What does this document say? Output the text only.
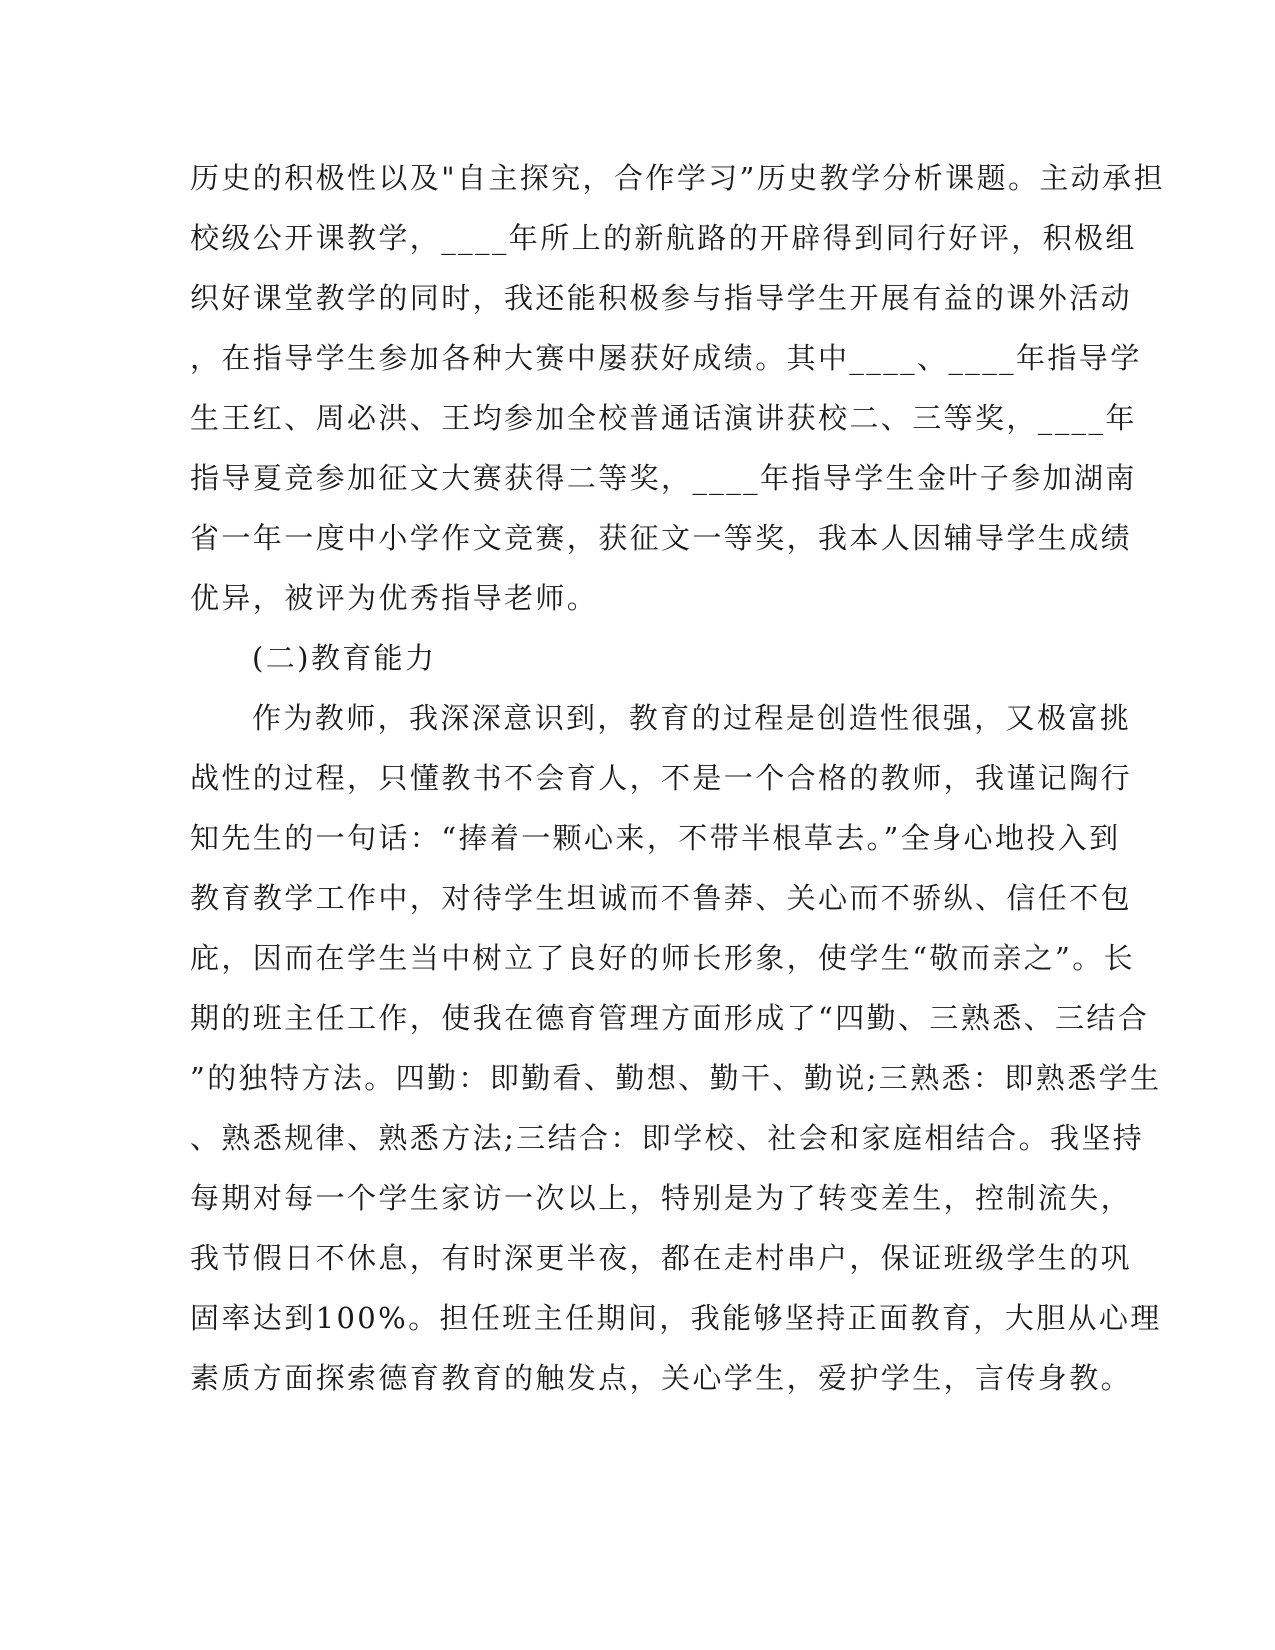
历史的积极性以及"自主探究，合作学习”历史教学分析课题。主动承担
校级公开课教学，____年所上的新航路的开辟得到同行好评，积极组
织好课堂教学的同时，我还能积极参与指导学生开展有益的课外活动
，在指导学生参加各种大赛中屡获好成绩。其中____、____年指导学
生王红、周必洪、王均参加全校普通话演讲获校二、三等奖，____年
指导夏竞参加征文大赛获得二等奖，____年指导学生金叶子参加湖南
省一年一度中小学作文竞赛，获征文一等奖，我本人因辅导学生成绩
优异，被评为优秀指导老师。
(二)教育能力
作为教师，我深深意识到，教育的过程是创造性很强，又极富挑
战性的过程，只懂教书不会育人，不是一个合格的教师，我谨记陶行
知先生的一句话：“捧着一颗心来，不带半根草去。”全身心地投入到
教育教学工作中，对待学生坦诚而不鲁莽、关心而不骄纵、信任不包
庇，因而在学生当中树立了良好的师长形象，使学生“敬而亲之”。长
期的班主任工作，使我在德育管理方面形成了“四勤、三熟悉、三结合
”的独特方法。四勤：即勤看、勤想、勤干、勤说;三熟悉：即熟悉学生
、熟悉规律、熟悉方法;三结合：即学校、社会和家庭相结合。我坚持
每期对每一个学生家访一次以上，特别是为了转变差生，控制流失，
我节假日不休息，有时深更半夜，都在走村串户，保证班级学生的巩
固率达到100%。担任班主任期间，我能够坚持正面教育，大胆从心理
素质方面探索德育教育的触发点，关心学生，爱护学生，言传身教。
